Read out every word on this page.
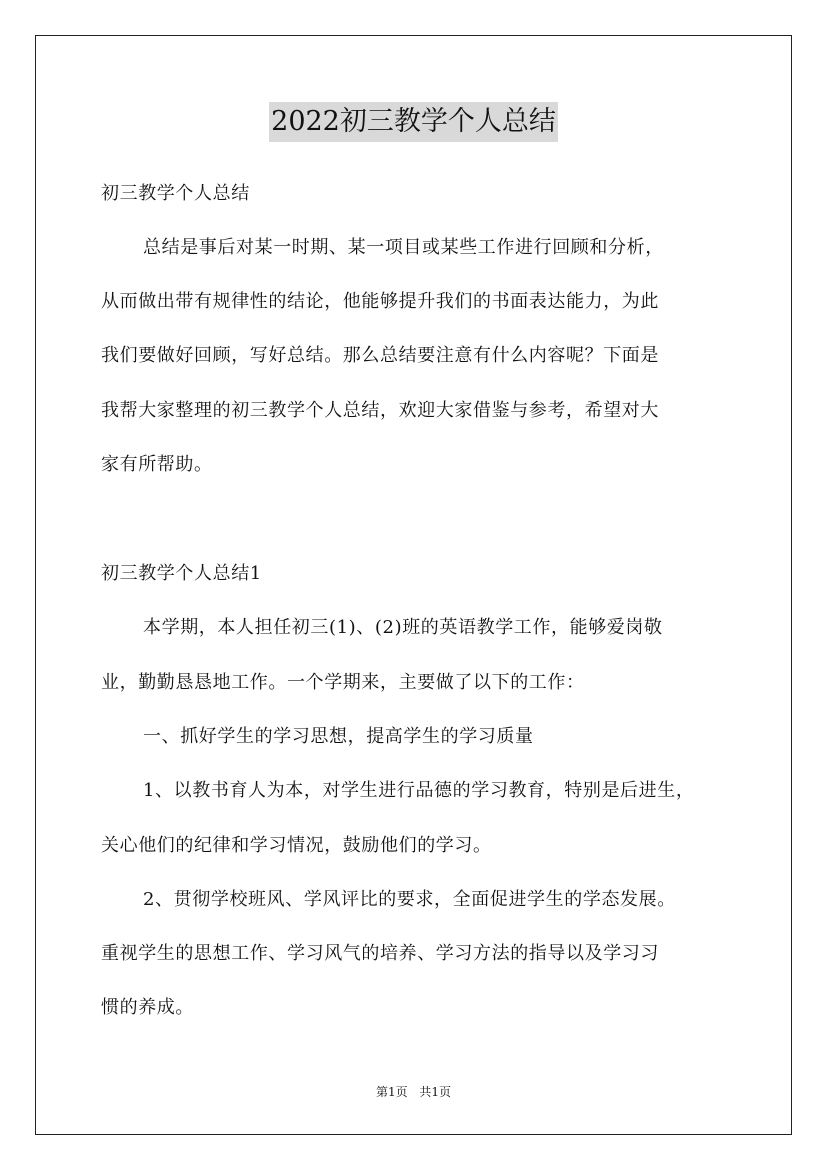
2022初三教学个人总结
初三教学个人总结
总结是事后对某一时期、某一项目或某些工作进行回顾和分析，
从而做出带有规律性的结论，他能够提升我们的书面表达能力，为此
我们要做好回顾，写好总结。那么总结要注意有什么内容呢？下面是
我帮大家整理的初三教学个人总结，欢迎大家借鉴与参考，希望对大
家有所帮助。
初三教学个人总结1
本学期，本人担任初三(1)、(2)班的英语教学工作，能够爱岗敬
业，勤勤恳恳地工作。一个学期来，主要做了以下的工作：
一、抓好学生的学习思想，提高学生的学习质量
1、以教书育人为本，对学生进行品德的学习教育，特别是后进生，
关心他们的纪律和学习情况，鼓励他们的学习。
2、贯彻学校班风、学风评比的要求，全面促进学生的学态发展。
重视学生的思想工作、学习风气的培养、学习方法的指导以及学习习
惯的养成。
第1页 共1页
